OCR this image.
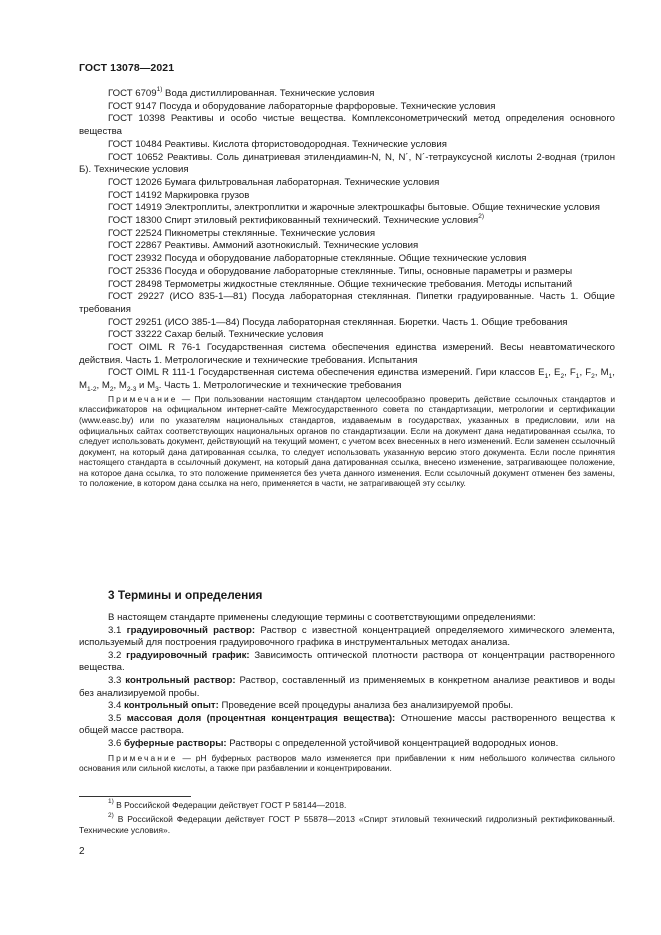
ГОСТ 13078—2021

ГОСТ 6709$^{1)}$ Вода дистиллированная. Технические условия

ГОСТ 9147 Посуда и оборудование лабораторные фарфоровые. Технические условия

ГОСТ 10398 Реактивы и особо чистые вещества. Комплексонометрический метод определения основного вещества

ГОСТ 10484 Реактивы. Кислота фтористоводородная. Технические условия

ГОСТ 10652 Реактивы. Соль динатриевая этилендиамин-N, N, N´, N´-тетрауксусной кислоты 2-водная (трилон Б). Технические условия

ГОСТ 12026 Бумага фильтровальная лабораторная. Технические условия

ГОСТ 14192 Маркировка грузов

ГОСТ 14919 Электроплиты, электроплитки и жарочные электрошкафы бытовые. Общие технические условия

ГОСТ 18300 Спирт этиловый ректификованный технический. Технические условия$^{2)}$

ГОСТ 22524 Пикнометры стеклянные. Технические условия

ГОСТ 22867 Реактивы. Аммоний азотнокислый. Технические условия

ГОСТ 23932 Посуда и оборудование лабораторные стеклянные. Общие технические условия

ГОСТ 25336 Посуда и оборудование лабораторные стеклянные. Типы, основные параметры и размеры

ГОСТ 28498 Термометры жидкостные стеклянные. Общие технические требования. Методы испытаний

ГОСТ 29227 (ИСО 835-1—81) Посуда лабораторная стеклянная. Пипетки градуированные. Часть 1. Общие требования

ГОСТ 29251 (ИСО 385-1—84) Посуда лабораторная стеклянная. Бюретки. Часть 1. Общие требования

ГОСТ 33222 Сахар белый. Технические условия

ГОСТ OIML R 76-1 Государственная система обеспечения единства измерений. Весы неавтоматического действия. Часть 1. Метрологические и технические требования. Испытания

ГОСТ OIML R 111-1 Государственная система обеспечения единства измерений. Гири классов $E_1$, $E_2$, $F_1$, $F_2$, $M_1$, $M_{1-2}$, $M_2$, $M_{2-3}$ и $M_3$. Часть 1. Метрологические и технические требования

Примечание — При пользовании настоящим стандартом целесообразно проверить действие ссылочных стандартов и классификаторов на официальном интернет-сайте Межгосударственного совета по стандартизации, метрологии и сертификации (www.easc.by) или по указателям национальных стандартов, издаваемым в государствах, указанных в предисловии, или на официальных сайтах соответствующих национальных органов по стандартизации. Если на документ дана недатированная ссылка, то следует использовать документ, действующий на текущий момент, с учетом всех внесенных в него изменений. Если заменен ссылочный документ, на который дана датированная ссылка, то следует использовать указанную версию этого документа. Если после принятия настоящего стандарта в ссылочный документ, на который дана датированная ссылка, внесено изменение, затрагивающее положение, на которое дана ссылка, то это положение применяется без учета данного изменения. Если ссылочный документ отменен без замены, то положение, в котором дана ссылка на него, применяется в части, не затрагивающей эту ссылку.

3 Термины и определения

В настоящем стандарте применены следующие термины с соответствующими определениями:

3.1 градуировочный раствор: Раствор с известной концентрацией определяемого химического элемента, используемый для построения градуировочного графика в инструментальных методах анализа.

3.2 градуировочный график: Зависимость оптической плотности раствора от концентрации растворенного вещества.

3.3 контрольный раствор: Раствор, составленный из применяемых в конкретном анализе реактивов и воды без анализируемой пробы.

3.4 контрольный опыт: Проведение всей процедуры анализа без анализируемой пробы.

3.5 массовая доля (процентная концентрация вещества): Отношение массы растворенного вещества к общей массе раствора.

3.6 буферные растворы: Растворы с определенной устойчивой концентрацией водородных ионов.

Примечание — pH буферных растворов мало изменяется при прибавлении к ним небольшого количества сильного основания или сильной кислоты, а также при разбавлении и концентрировании.

$^{1)}$ В Российской Федерации действует ГОСТ Р 58144—2018.

$^{2)}$ В Российской Федерации действует ГОСТ Р 55878—2013 «Спирт этиловый технический гидролизный ректификованный. Технические условия».

2
